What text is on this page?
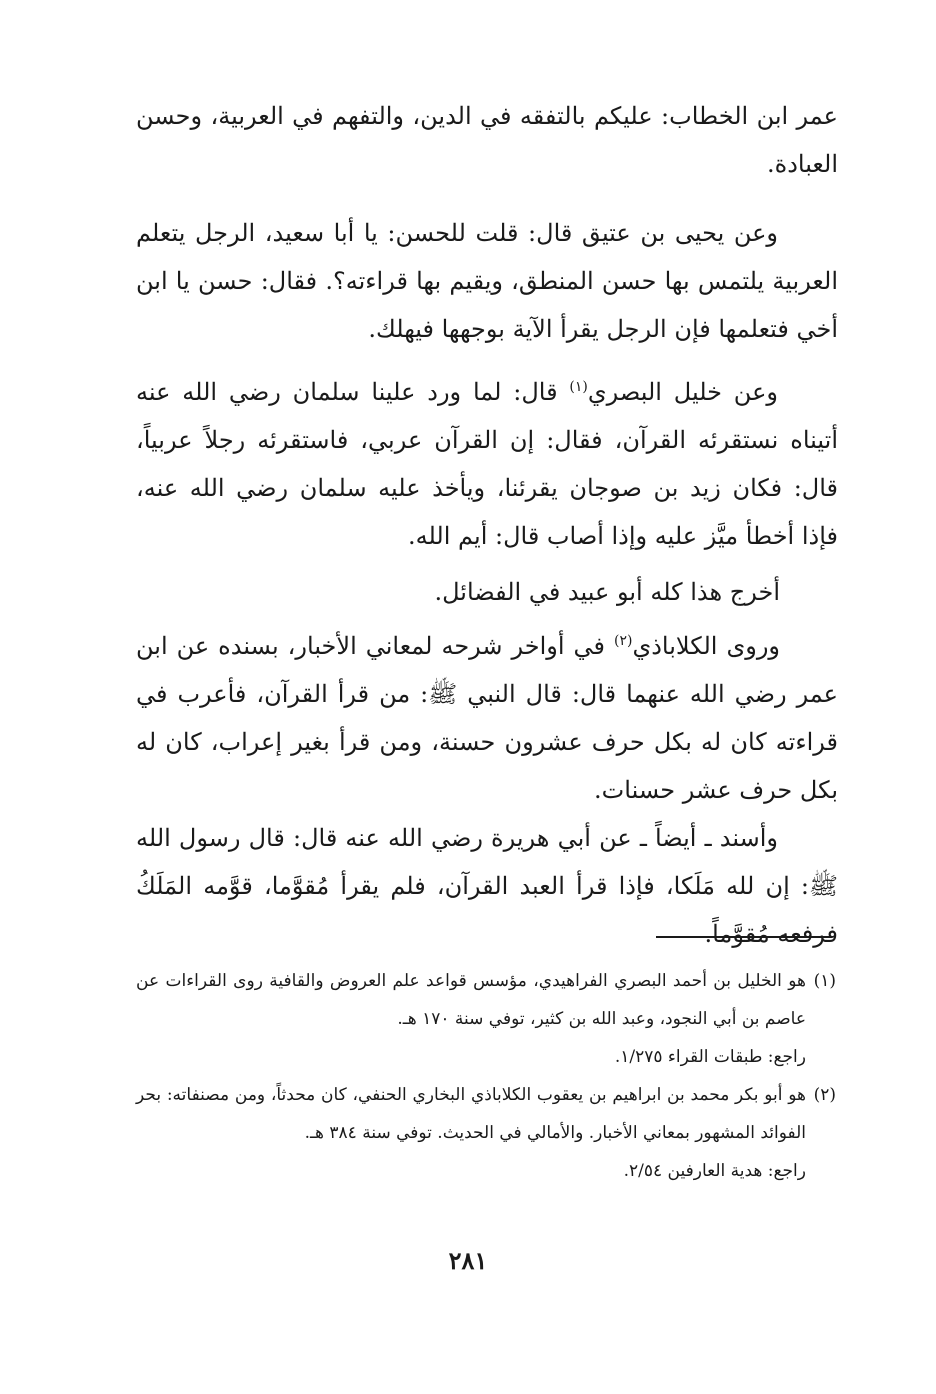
عمر ابن الخطاب: عليكم بالتفقه في الدين، والتفهم في العربية، وحسن العبادة.

وعن يحيى بن عتيق قال: قلت للحسن: يا أبا سعيد، الرجل يتعلم العربية يلتمس بها حسن المنطق، ويقيم بها قراءته؟. فقال: حسن يا ابن أخي فتعلمها فإن الرجل يقرأ الآية بوجهها فيهلك.

وعن خليل البصري$^{(١)}$ قال: لما ورد علينا سلمان رضي الله عنه أتيناه نستقرئه القرآن، فقال: إن القرآن عربي، فاستقرئه رجلاً عربياً، قال: فكان زيد بن صوجان يقرئنا، ويأخذ عليه سلمان رضي الله عنه، فإذا أخطأ ميَّز عليه وإذا أصاب قال: أيم الله.

أخرج هذا كله أبو عبيد في الفضائل.

وروى الكلاباذي$^{(٢)}$ في أواخر شرحه لمعاني الأخبار، بسنده عن ابن عمر رضي الله عنهما قال: قال النبي ﷺ: من قرأ القرآن، فأعرب في قراءته كان له بكل حرف عشرون حسنة، ومن قرأ بغير إعراب، كان له بكل حرف عشر حسنات.

وأسند ـ أيضاً ـ عن أبي هريرة رضي الله عنه قال: قال رسول الله ﷺ: إن لله مَلَكا، فإذا قرأ العبد القرآن، فلم يقرأ مُقوَّما، قوَّمه المَلَكُ فرفعه مُقوَّماً.

(١)
هو الخليل بن أحمد البصري الفراهيدي، مؤسس قواعد علم العروض والقافية روى القراءات عن عاصم بن أبي النجود، وعبد الله بن كثير، توفي سنة ١٧٠ هـ.
راجع: طبقات القراء ١/٢٧٥.
(٢)
هو أبو بكر محمد بن ابراهيم بن يعقوب الكلاباذي البخاري الحنفي، كان محدثاً، ومن مصنفاته: بحر الفوائد المشهور بمعاني الأخبار. والأمالي في الحديث. توفي سنة ٣٨٤ هـ.
راجع: هدية العارفين ٢/٥٤.
٢٨١
